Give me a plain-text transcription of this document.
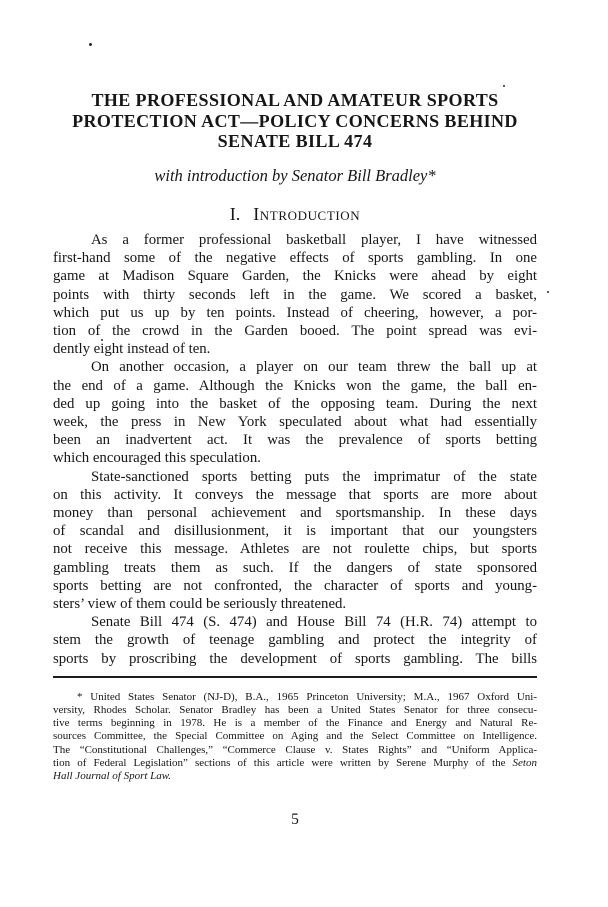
THE PROFESSIONAL AND AMATEUR SPORTS
PROTECTION ACT—POLICY CONCERNS BEHIND
SENATE BILL 474
with introduction by Senator Bill Bradley*
I. Introduction
As a former professional basketball player, I have witnessed
first-hand some of the negative effects of sports gambling. In one
game at Madison Square Garden, the Knicks were ahead by eight
points with thirty seconds left in the game. We scored a basket,
which put us up by ten points. Instead of cheering, however, a por-
tion of the crowd in the Garden booed. The point spread was evi-
dently eight instead of ten.
On another occasion, a player on our team threw the ball up at
the end of a game. Although the Knicks won the game, the ball en-
ded up going into the basket of the opposing team. During the next
week, the press in New York speculated about what had essentially
been an inadvertent act. It was the prevalence of sports betting
which encouraged this speculation.
State-sanctioned sports betting puts the imprimatur of the state
on this activity. It conveys the message that sports are more about
money than personal achievement and sportsmanship. In these days
of scandal and disillusionment, it is important that our youngsters
not receive this message. Athletes are not roulette chips, but sports
gambling treats them as such. If the dangers of state sponsored
sports betting are not confronted, the character of sports and young-
sters’ view of them could be seriously threatened.
Senate Bill 474 (S. 474) and House Bill 74 (H.R. 74) attempt to
stem the growth of teenage gambling and protect the integrity of
sports by proscribing the development of sports gambling. The bills
* United States Senator (NJ-D), B.A., 1965 Princeton University; M.A., 1967 Oxford Uni-
versity, Rhodes Scholar. Senator Bradley has been a United States Senator for three consecu-
tive terms beginning in 1978. He is a member of the Finance and Energy and Natural Re-
sources Committee, the Special Committee on Aging and the Select Committee on Intelligence.
The “Constitutional Challenges,” “Commerce Clause v. States Rights” and “Uniform Applica-
tion of Federal Legislation” sections of this article were written by Serene Murphy of the Seton
Hall Journal of Sport Law.
5
